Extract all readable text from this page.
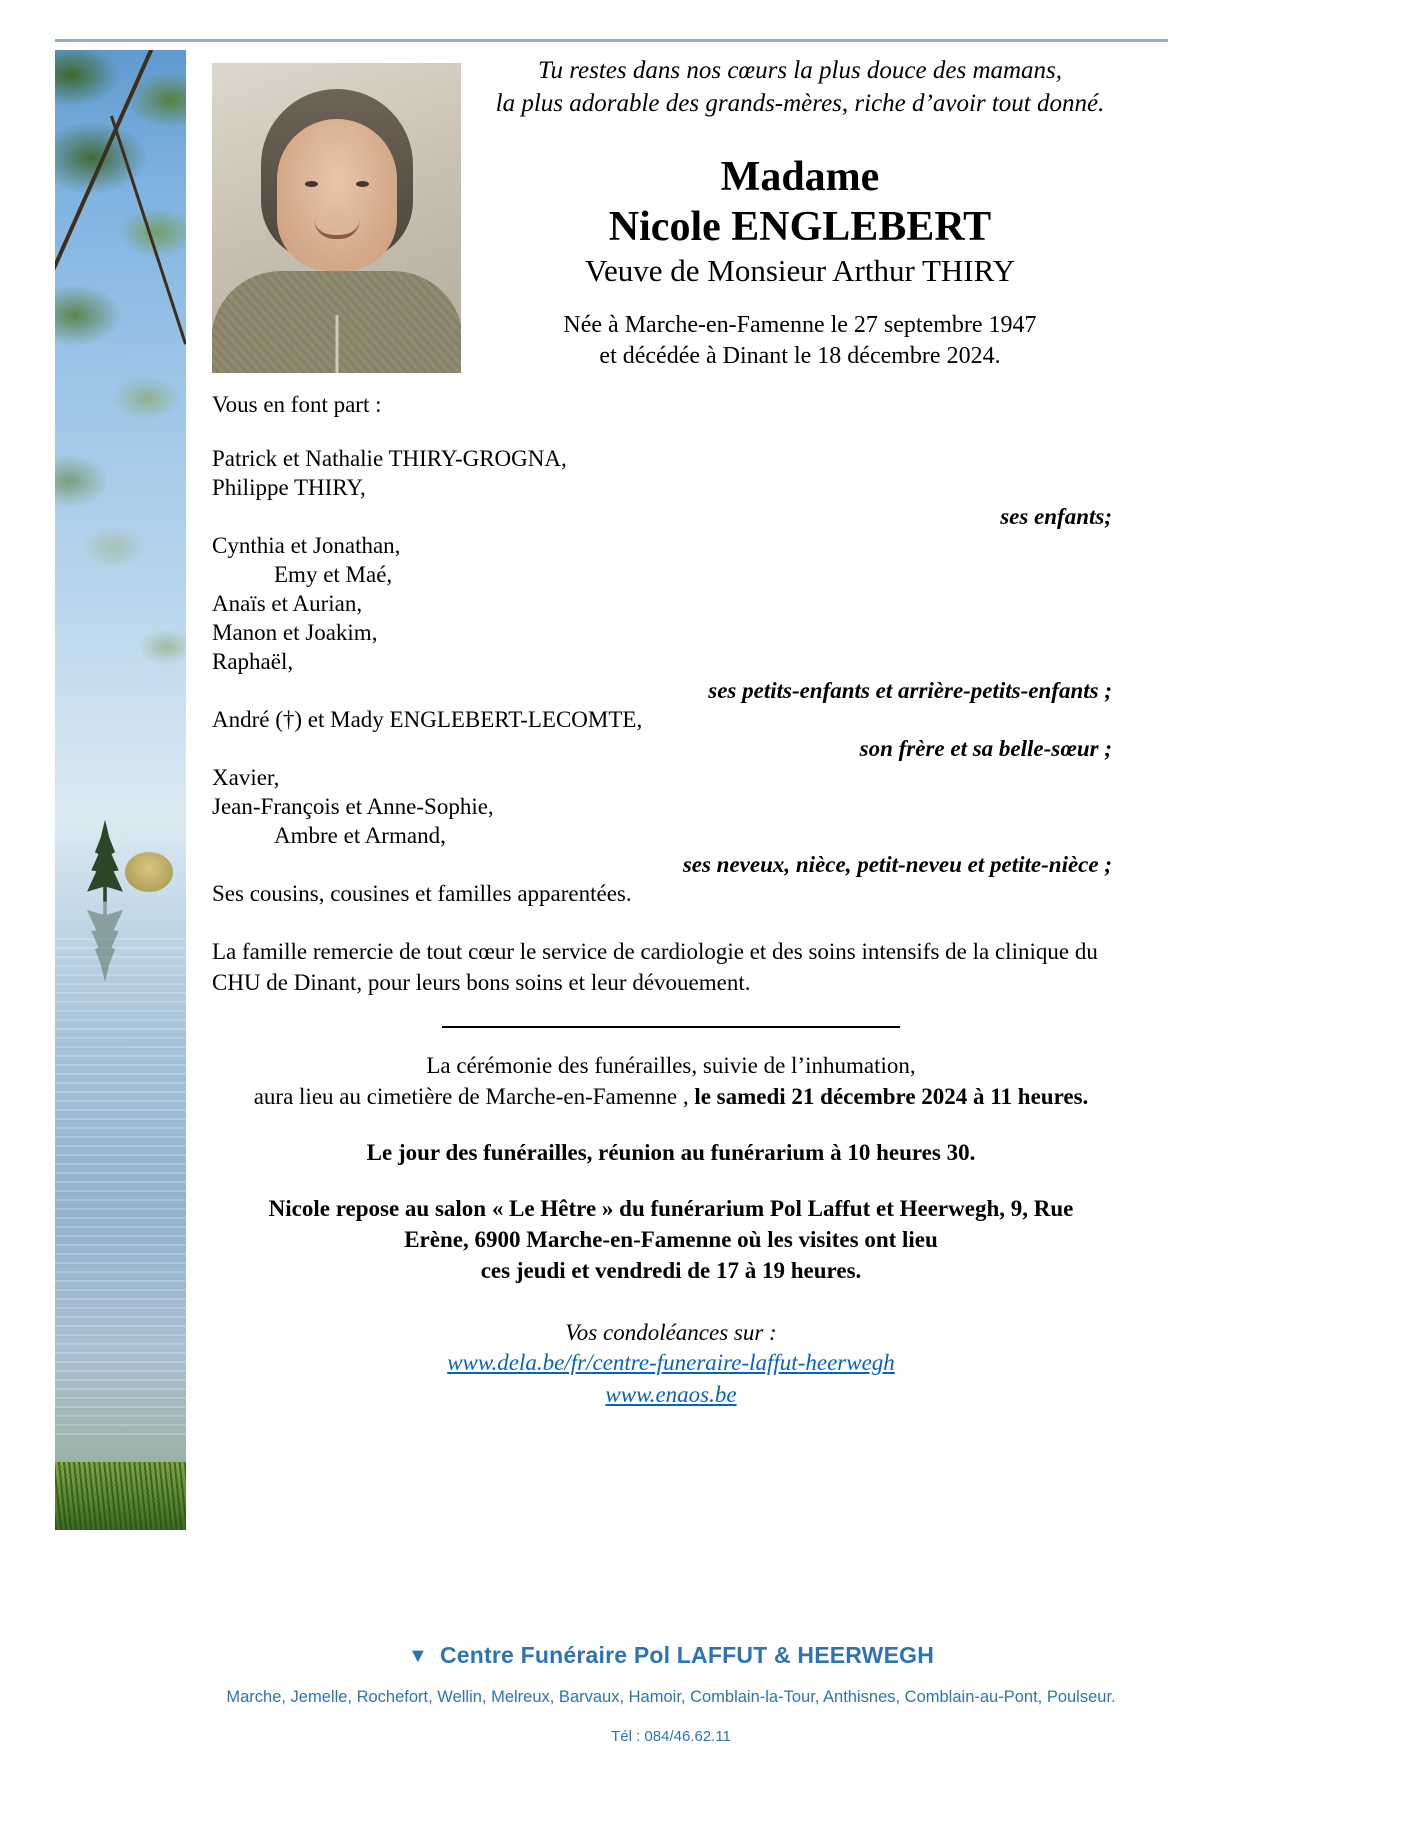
Tu restes dans nos cœurs la plus douce des mamans,
la plus adorable des grands-mères, riche d’avoir tout donné.
Madame
Nicole ENGLEBERT
Veuve de Monsieur Arthur THIRY
Née à Marche-en-Famenne le 27 septembre 1947
et décédée à Dinant le 18 décembre 2024.
Vous en font part :
Patrick et Nathalie THIRY-GROGNA,
Philippe THIRY,
ses enfants;
Cynthia et Jonathan,
Emy et Maé,
Anaïs et Aurian,
Manon et Joakim,
Raphaël,
ses petits-enfants et arrière-petits-enfants ;
André (†) et Mady ENGLEBERT-LECOMTE,
son frère et sa belle-sœur ;
Xavier,
Jean-François et Anne-Sophie,
Ambre et Armand,
ses neveux, nièce, petit-neveu et petite-nièce ;
Ses cousins, cousines et familles apparentées.
La famille remercie de tout cœur le service de cardiologie et des soins intensifs de la clinique du CHU de Dinant, pour leurs bons soins et leur dévouement.
La cérémonie des funérailles, suivie de l’inhumation,
aura lieu au cimetière de Marche-en-Famenne , le samedi 21 décembre 2024 à 11 heures.
Le jour des funérailles, réunion au funérarium à 10 heures 30.
Nicole repose au salon « Le Hêtre » du funérarium Pol Laffut et Heerwegh, 9, Rue
Erène, 6900 Marche-en-Famenne où les visites ont lieu
ces jeudi et vendredi de 17 à 19 heures.
Vos condoléances sur :
www.dela.be/fr/centre-funeraire-laffut-heerwegh
www.enaos.be
▼ Centre Funéraire Pol LAFFUT & HEERWEGH
Marche, Jemelle, Rochefort, Wellin, Melreux, Barvaux, Hamoir, Comblain-la-Tour, Anthisnes, Comblain-au-Pont, Poulseur.
Tél : 084/46.62.11
